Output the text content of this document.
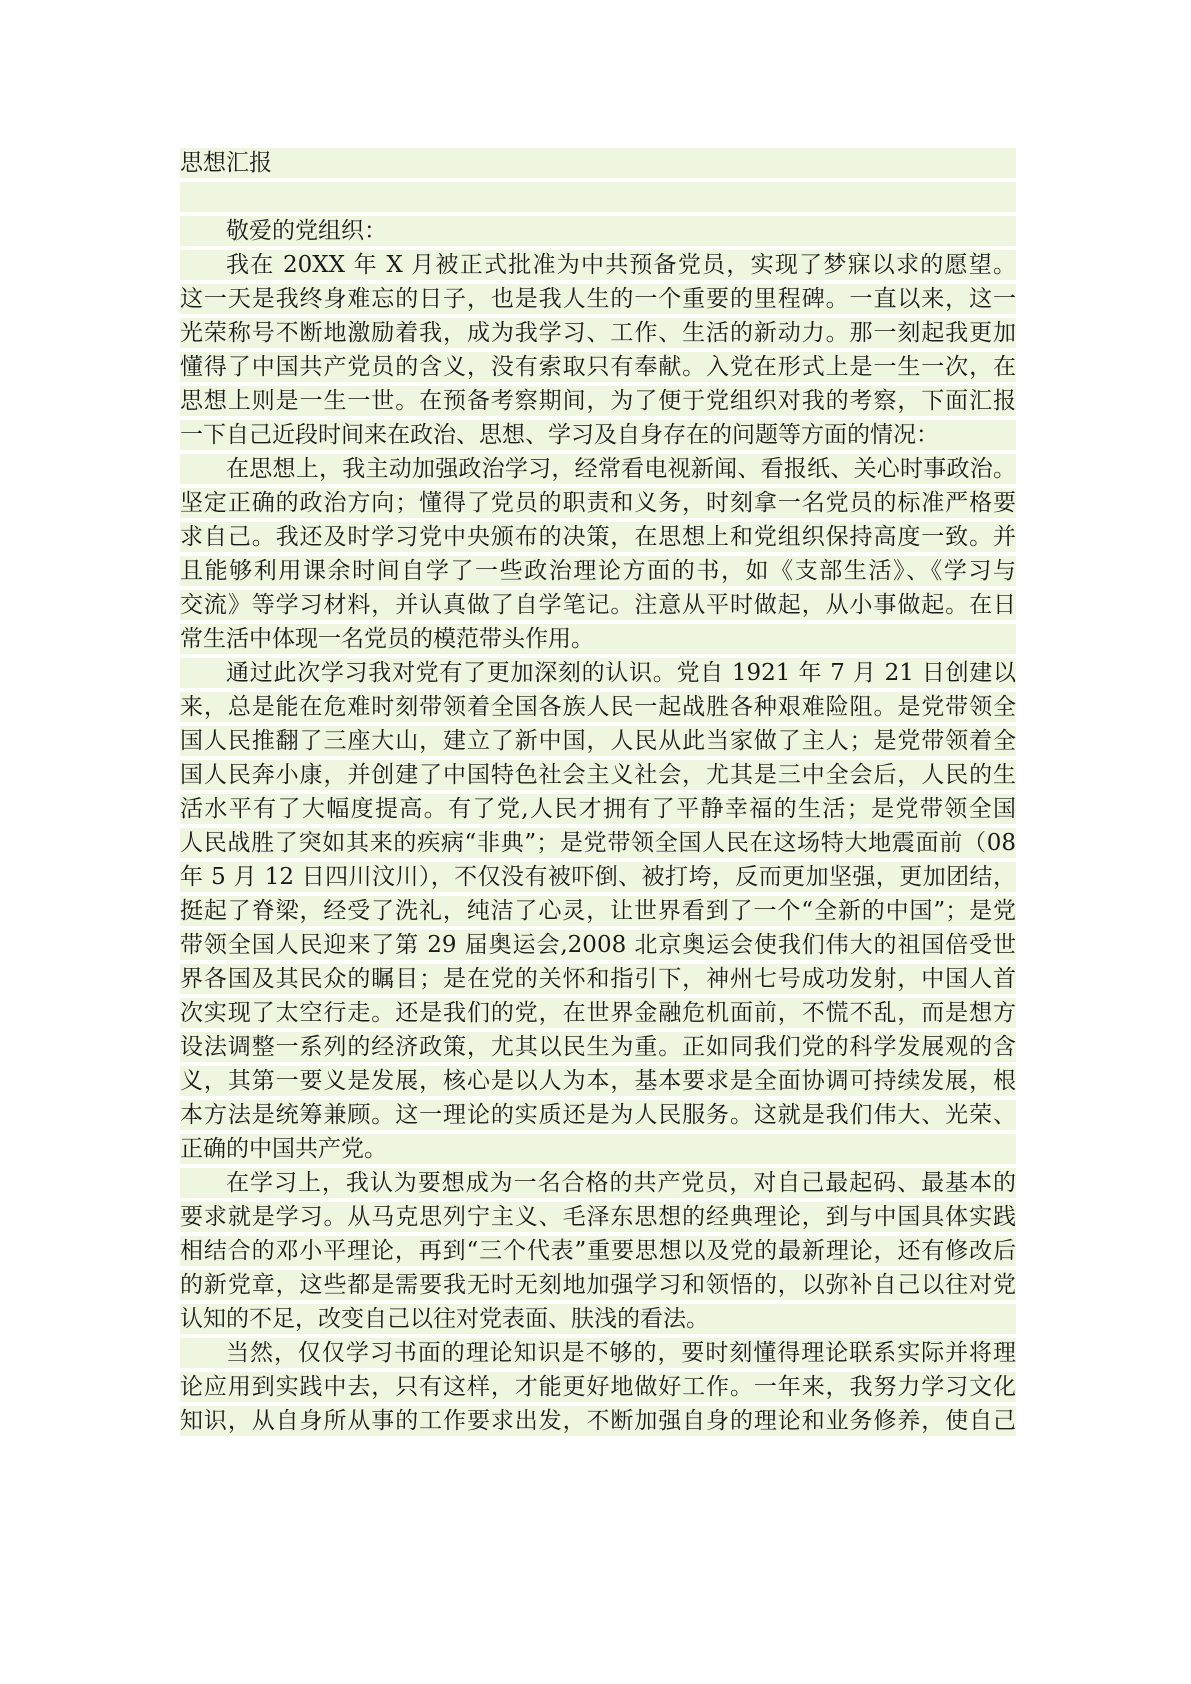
思想汇报
敬爱的党组织：
我在 20XX 年 X 月被正式批准为中共预备党员，实现了梦寐以求的愿望。
这一天是我终身难忘的日子，也是我人生的一个重要的里程碑。一直以来，这一
光荣称号不断地激励着我，成为我学习、工作、生活的新动力。那一刻起我更加
懂得了中国共产党员的含义，没有索取只有奉献。入党在形式上是一生一次，在
思想上则是一生一世。在预备考察期间，为了便于党组织对我的考察，下面汇报
一下自己近段时间来在政治、思想、学习及自身存在的问题等方面的情况：
在思想上，我主动加强政治学习，经常看电视新闻、看报纸、关心时事政治。
坚定正确的政治方向；懂得了党员的职责和义务，时刻拿一名党员的标准严格要
求自己。我还及时学习党中央颁布的决策，在思想上和党组织保持高度一致。并
且能够利用课余时间自学了一些政治理论方面的书，如《支部生活》、《学习与
交流》等学习材料，并认真做了自学笔记。注意从平时做起，从小事做起。在日
常生活中体现一名党员的模范带头作用。
通过此次学习我对党有了更加深刻的认识。党自 1921 年 7 月 21 日创建以
来，总是能在危难时刻带领着全国各族人民一起战胜各种艰难险阻。是党带领全
国人民推翻了三座大山，建立了新中国，人民从此当家做了主人；是党带领着全
国人民奔小康，并创建了中国特色社会主义社会，尤其是三中全会后，人民的生
活水平有了大幅度提高。有了党,人民才拥有了平静幸福的生活；是党带领全国
人民战胜了突如其来的疾病“非典”；是党带领全国人民在这场特大地震面前（08
年 5 月 12 日四川汶川），不仅没有被吓倒、被打垮，反而更加坚强，更加团结，
挺起了脊梁，经受了洗礼，纯洁了心灵，让世界看到了一个“全新的中国”；是党
带领全国人民迎来了第 29 届奥运会,2008 北京奥运会使我们伟大的祖国倍受世
界各国及其民众的瞩目；是在党的关怀和指引下，神州七号成功发射，中国人首
次实现了太空行走。还是我们的党，在世界金融危机面前，不慌不乱，而是想方
设法调整一系列的经济政策，尤其以民生为重。正如同我们党的科学发展观的含
义，其第一要义是发展，核心是以人为本，基本要求是全面协调可持续发展，根
本方法是统筹兼顾。这一理论的实质还是为人民服务。这就是我们伟大、光荣、
正确的中国共产党。
在学习上，我认为要想成为一名合格的共产党员，对自己最起码、最基本的
要求就是学习。从马克思列宁主义、毛泽东思想的经典理论，到与中国具体实践
相结合的邓小平理论，再到“三个代表”重要思想以及党的最新理论，还有修改后
的新党章，这些都是需要我无时无刻地加强学习和领悟的，以弥补自己以往对党
认知的不足，改变自己以往对党表面、肤浅的看法。
当然，仅仅学习书面的理论知识是不够的，要时刻懂得理论联系实际并将理
论应用到实践中去，只有这样，才能更好地做好工作。一年来，我努力学习文化
知识，从自身所从事的工作要求出发，不断加强自身的理论和业务修养，使自己
